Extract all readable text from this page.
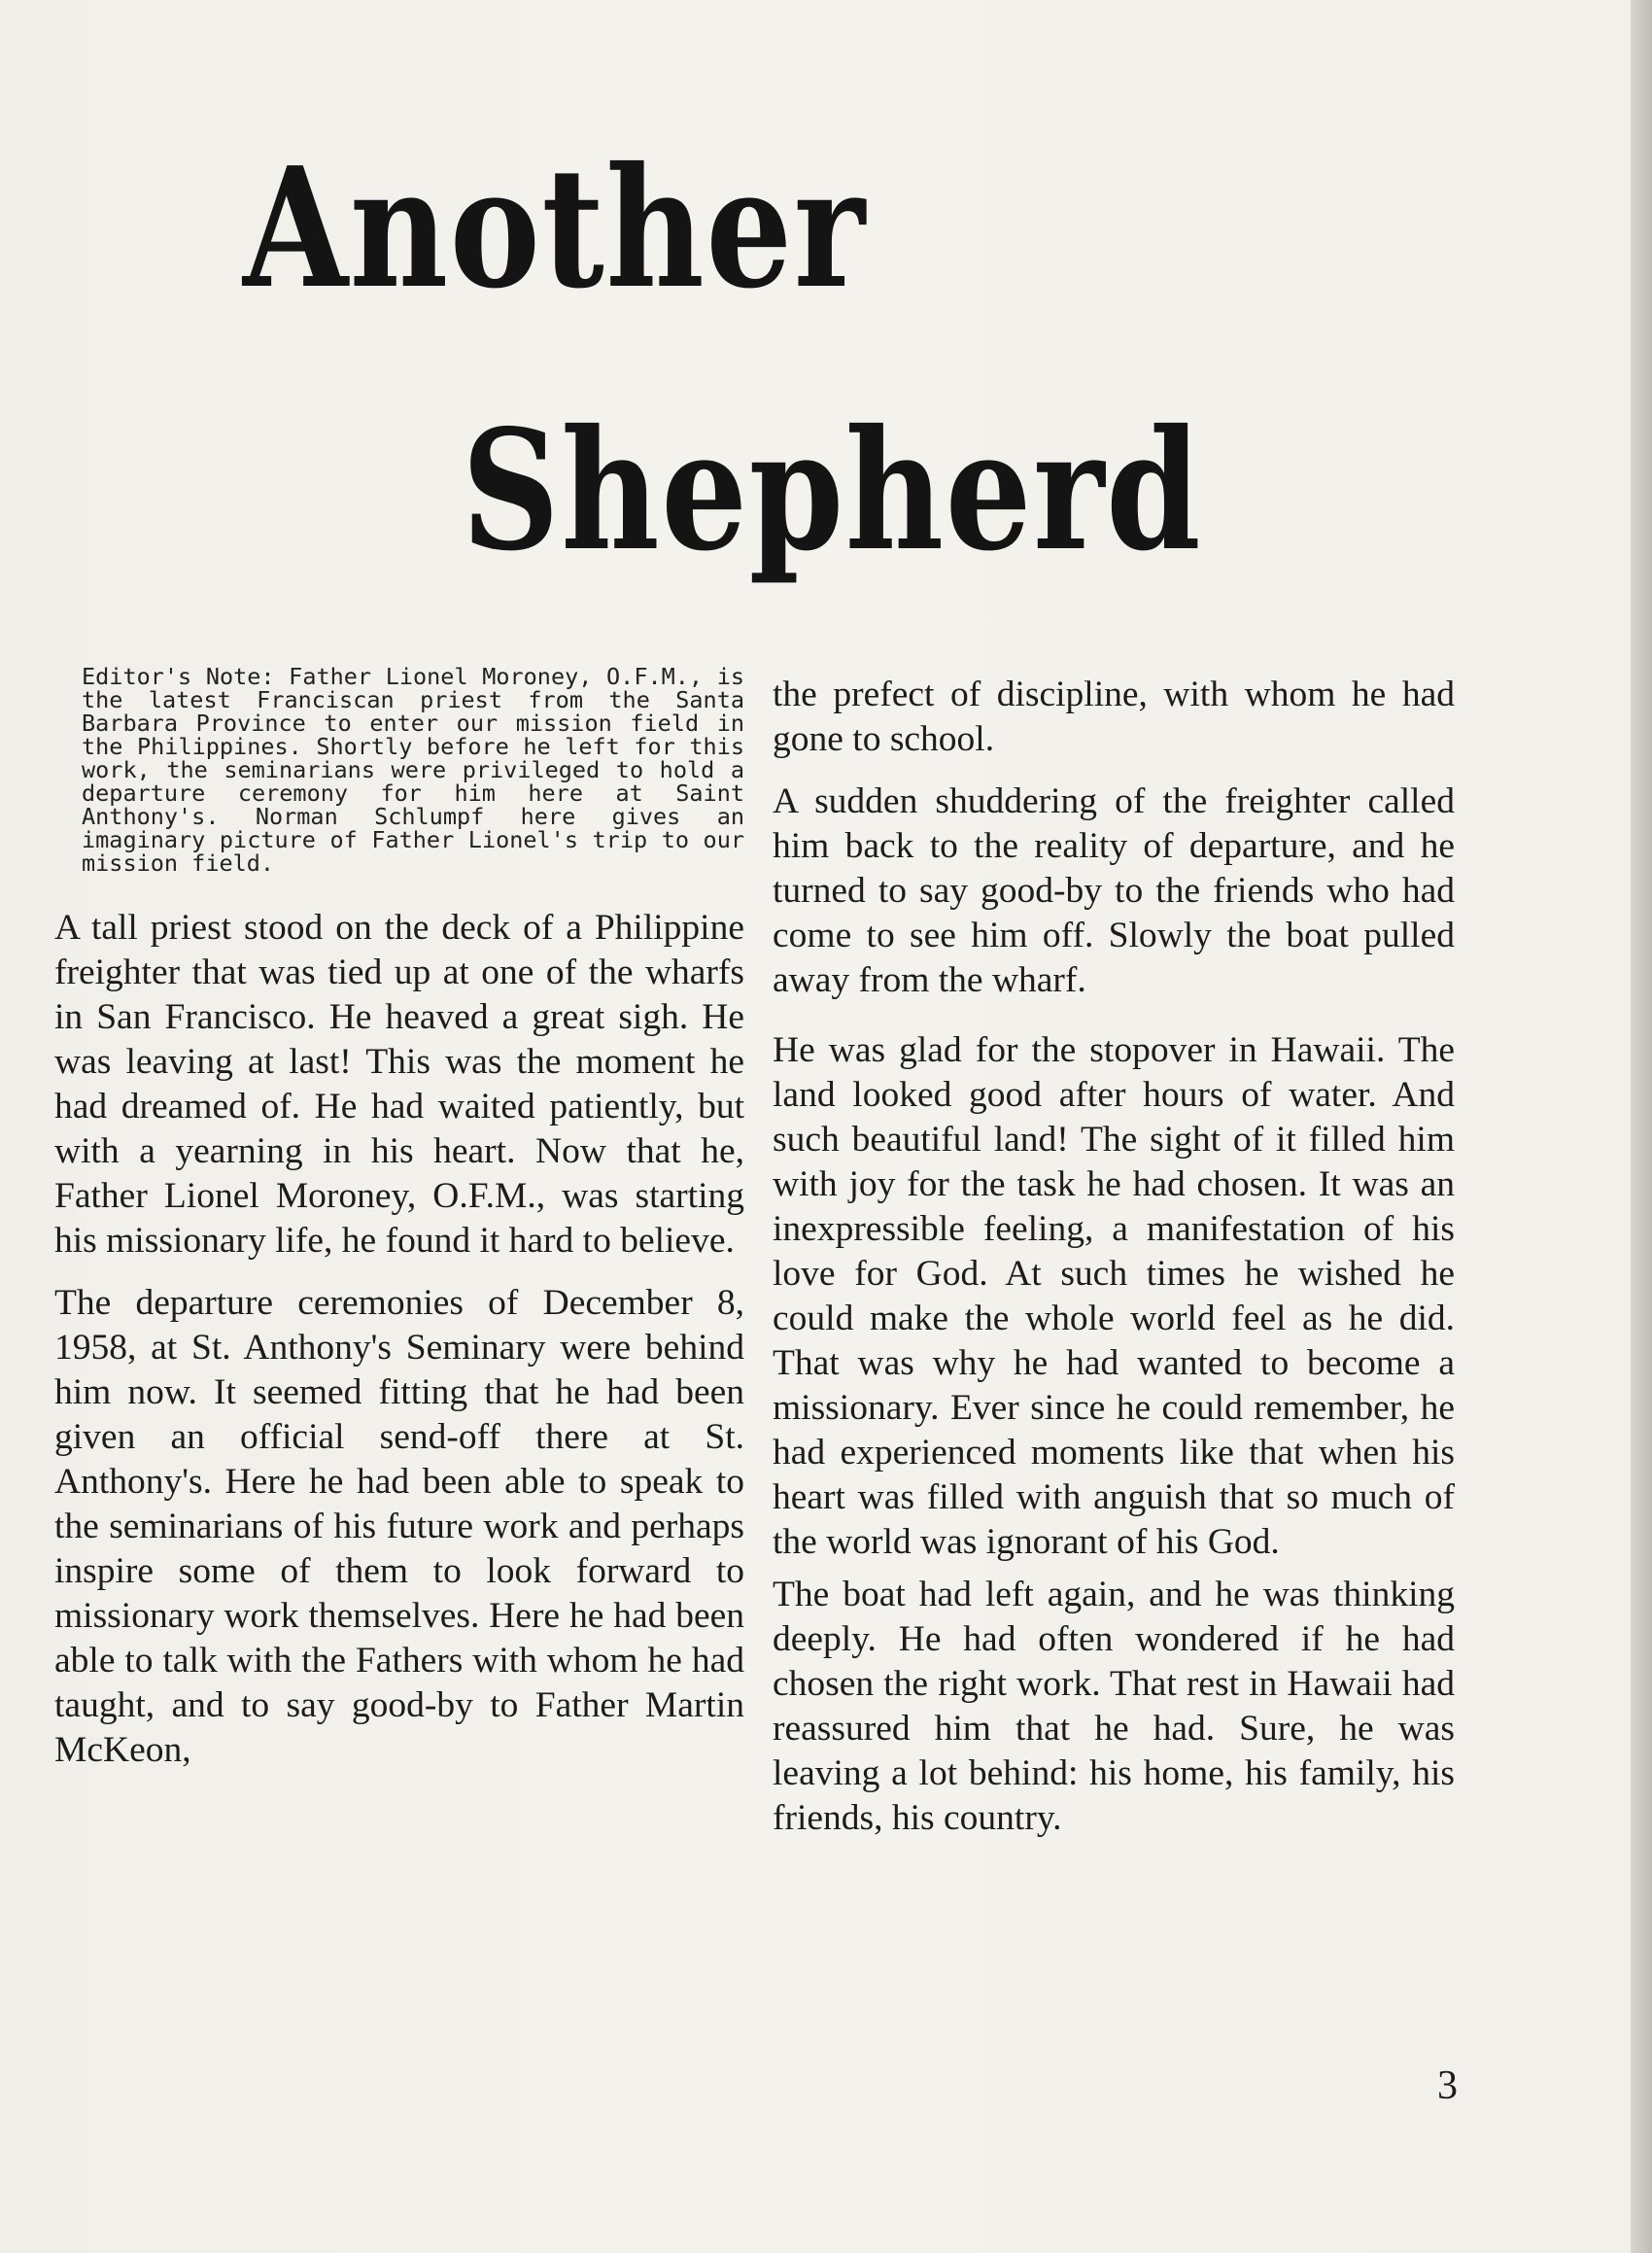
Another
Shepherd

Editor's Note: Father Lionel Moroney, O.F.M., is the latest Franciscan priest from the Santa Barbara Province to enter our mission field in the Philippines. Shortly before he left for this work, the seminarians were privileged to hold a departure ceremony for him here at Saint Anthony's. Norman Schlumpf here gives an imaginary picture of Father Lionel's trip to our mission field.

A tall priest stood on the deck of a Philippine freighter that was tied up at one of the wharfs in San Francisco. He heaved a great sigh. He was leaving at last! This was the moment he had dreamed of. He had waited patiently, but with a yearning in his heart. Now that he, Father Lionel Moroney, O.F.M., was starting his missionary life, he found it hard to believe.

The departure ceremonies of December 8, 1958, at St. Anthony's Seminary were behind him now. It seemed fitting that he had been given an official send-off there at St. Anthony's. Here he had been able to speak to the seminarians of his future work and perhaps inspire some of them to look forward to missionary work themselves. Here he had been able to talk with the Fathers with whom he had taught, and to say good-by to Father Martin McKeon,

the prefect of discipline, with whom he had gone to school.

A sudden shuddering of the freighter called him back to the reality of departure, and he turned to say good-by to the friends who had come to see him off. Slowly the boat pulled away from the wharf.

He was glad for the stopover in Hawaii. The land looked good after hours of water. And such beautiful land! The sight of it filled him with joy for the task he had chosen. It was an inexpressible feeling, a manifestation of his love for God. At such times he wished he could make the whole world feel as he did. That was why he had wanted to become a missionary. Ever since he could remember, he had experienced moments like that when his heart was filled with anguish that so much of the world was ignorant of his God.

The boat had left again, and he was thinking deeply. He had often wondered if he had chosen the right work. That rest in Hawaii had reassured him that he had. Sure, he was leaving a lot behind: his home, his family, his friends, his country.

3
